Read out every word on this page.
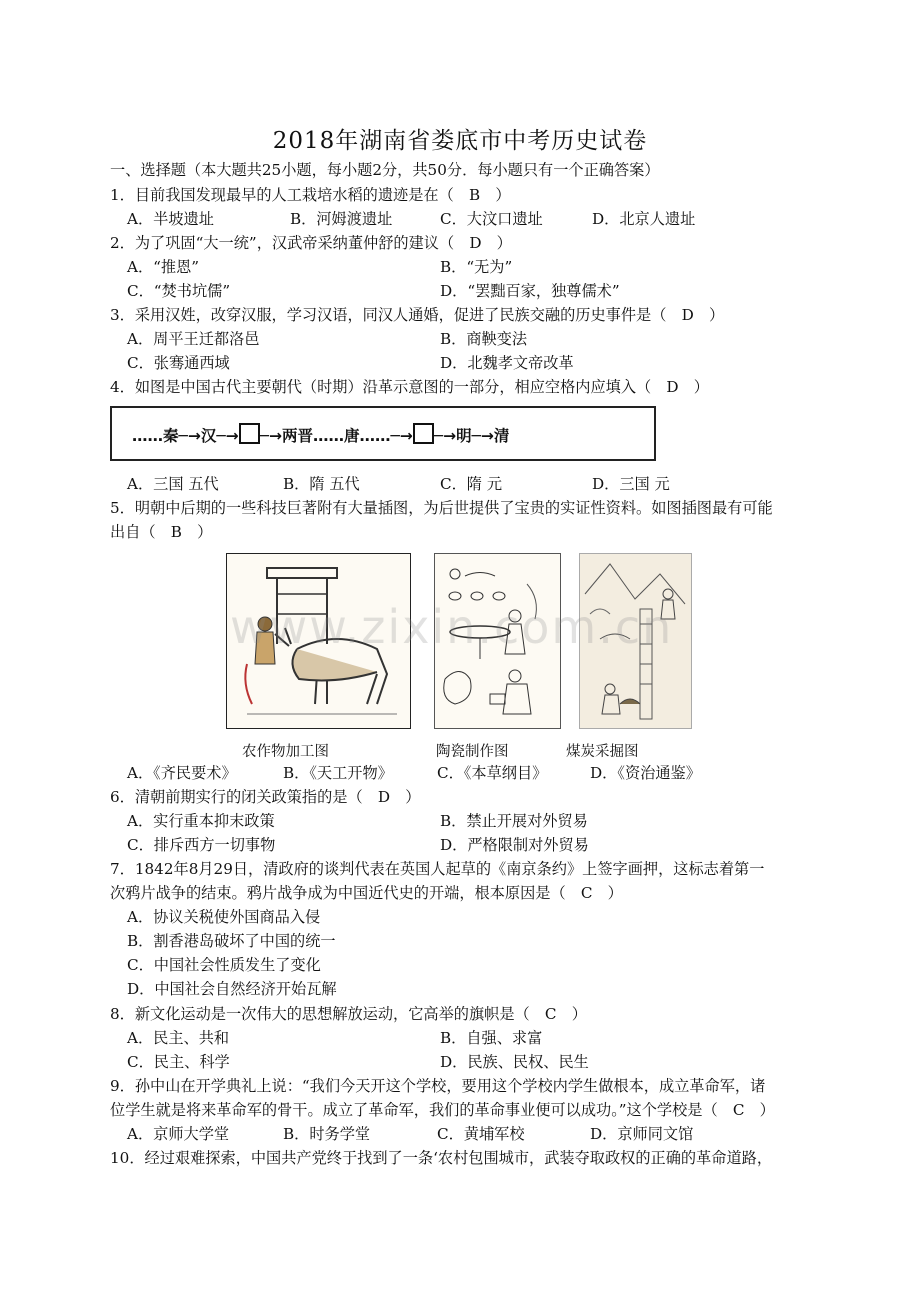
2018年湖南省娄底市中考历史试卷
一、选择题（本大题共25小题，每小题2分，共50分．每小题只有一个正确答案）
1．目前我国发现最早的人工栽培水稻的遗迹是在（　B　）
A．半坡遗址	B．河姆渡遗址	C．大汶口遗址	D．北京人遗址
2．为了巩固“大一统”，汉武帝采纳董仲舒的建议（　D　）
A．“推恩”	B．“无为”
C．“焚书坑儒”	D．“罢黜百家，独尊儒术”
3．采用汉姓，改穿汉服，学习汉语，同汉人通婚，促进了民族交融的历史事件是（　D　）
A．周平王迁都洛邑	B．商鞅变法
C．张骞通西域	D．北魏孝文帝改革
4．如图是中国古代主要朝代（时期）沿革示意图的一部分，相应空格内应填入（　D　）
……秦─→汉─→ ─→两晋……唐……─→ ─→明─→清
A．三国 五代	B．隋 五代	C．隋 元	D．三国 元
5．明朝中后期的一些科技巨著附有大量插图，为后世提供了宝贵的实证性资料。如图插图最有可能
出自（　B　）
www.zixin.com.cn
农作物加工图	陶瓷制作图	煤炭采掘图
A．《齐民要术》	B．《天工开物》	C．《本草纲目》	D．《资治通鉴》
6．清朝前期实行的闭关政策指的是（　D　）
A．实行重本抑末政策	B．禁止开展对外贸易
C．排斥西方一切事物	D．严格限制对外贸易
7．1842年8月29日，清政府的谈判代表在英国人起草的《南京条约》上签字画押，这标志着第一
次鸦片战争的结束。鸦片战争成为中国近代史的开端，根本原因是（　C　）
A．协议关税使外国商品入侵
B．割香港岛破坏了中国的统一
C．中国社会性质发生了变化
D．中国社会自然经济开始瓦解
8．新文化运动是一次伟大的思想解放运动，它高举的旗帜是（　C　）
A．民主、共和	B．自强、求富
C．民主、科学	D．民族、民权、民生
9．孙中山在开学典礼上说：“我们今天开这个学校，要用这个学校内学生做根本，成立革命军，诸
位学生就是将来革命军的骨干。成立了革命军，我们的革命事业便可以成功。”这个学校是（　C　）
A．京师大学堂	B．时务学堂	C．黄埔军校	D．京师同文馆
10．经过艰难探索，中国共产党终于找到了一条‘农村包围城市，武装夺取政权的正确的革命道路，
